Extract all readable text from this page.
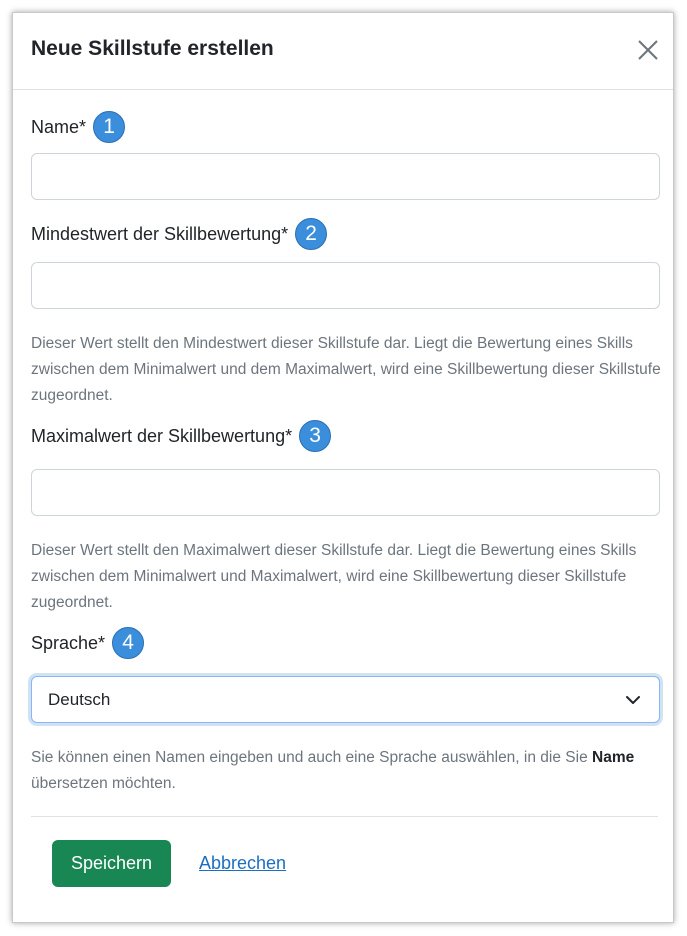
Neue Skillstufe erstellen
Name* 1
Mindestwert der Skillbewertung* 2
Dieser Wert stellt den Mindestwert dieser Skillstufe dar. Liegt die Bewertung eines Skills zwischen dem Minimalwert und dem Maximalwert, wird eine Skillbewertung dieser Skillstufe zugeordnet.
Maximalwert der Skillbewertung* 3
Dieser Wert stellt den Maximalwert dieser Skillstufe dar. Liegt die Bewertung eines Skills zwischen dem Minimalwert und Maximalwert, wird eine Skillbewertung dieser Skillstufe zugeordnet.
Sprache* 4
Deutsch
Sie können einen Namen eingeben und auch eine Sprache auswählen, in die Sie Name übersetzen möchten.
Speichern	Abbrechen
